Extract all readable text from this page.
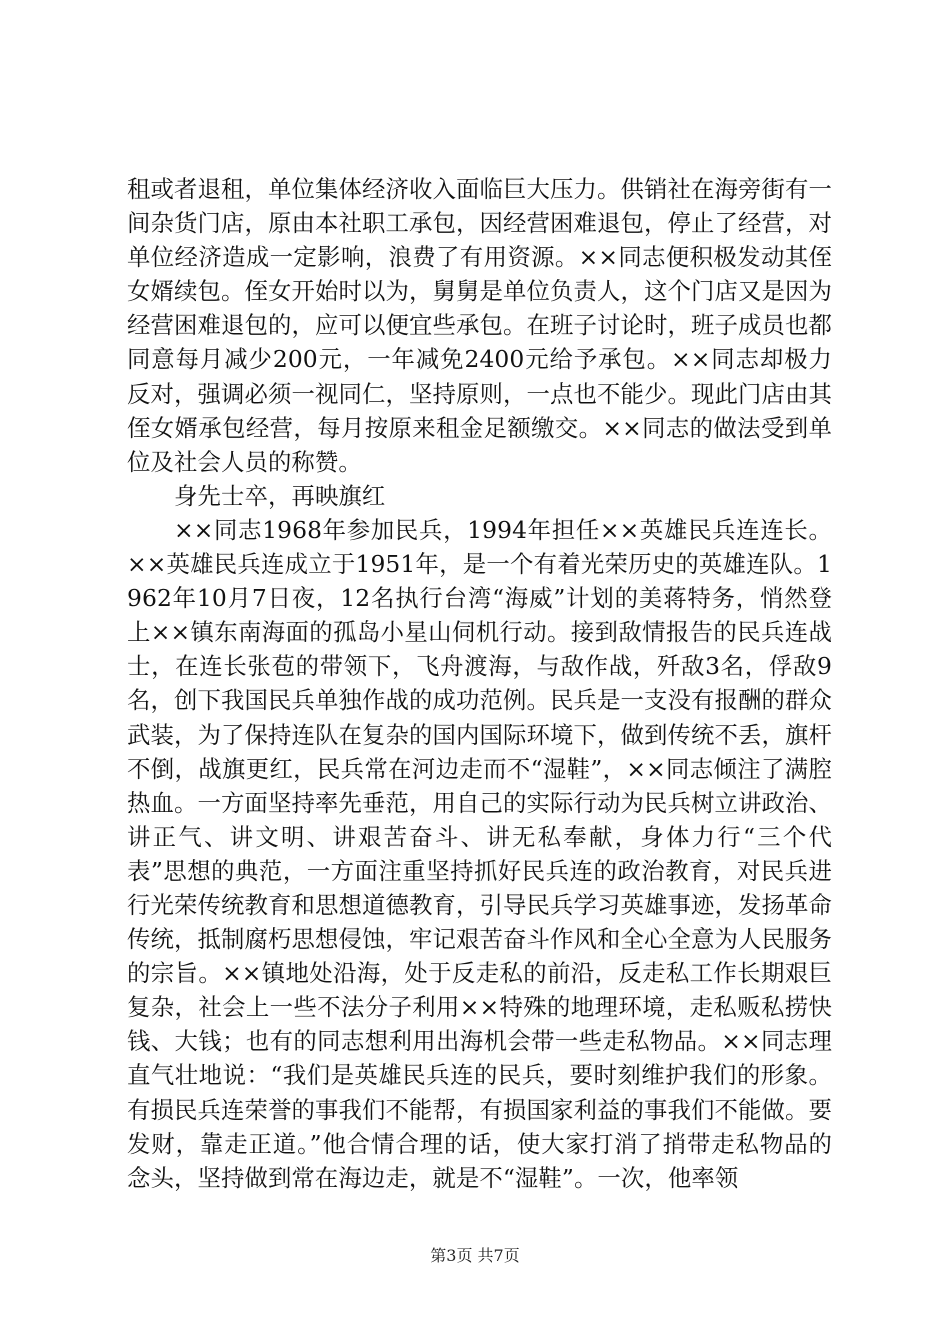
租或者退租，单位集体经济收入面临巨大压力。供销社在海旁街有一间杂货门店，原由本社职工承包，因经营困难退包，停止了经营，对单位经济造成一定影响，浪费了有用资源。××同志便积极发动其侄女婿续包。侄女开始时以为，舅舅是单位负责人，这个门店又是因为经营困难退包的，应可以便宜些承包。在班子讨论时，班子成员也都同意每月减少200元，一年减免2400元给予承包。××同志却极力反对，强调必须一视同仁，坚持原则，一点也不能少。现此门店由其侄女婿承包经营，每月按原来租金足额缴交。××同志的做法受到单位及社会人员的称赞。

身先士卒，再映旗红

××同志1968年参加民兵，1994年担任××英雄民兵连连长。××英雄民兵连成立于1951年，是一个有着光荣历史的英雄连队。1962年10月7日夜，12名执行台湾“海威”计划的美蒋特务，悄然登上××镇东南海面的孤岛小星山伺机行动。接到敌情报告的民兵连战士，在连长张苞的带领下，飞舟渡海，与敌作战，歼敌3名，俘敌9名，创下我国民兵单独作战的成功范例。民兵是一支没有报酬的群众武装，为了保持连队在复杂的国内国际环境下，做到传统不丢，旗杆不倒，战旗更红，民兵常在河边走而不“湿鞋”，××同志倾注了满腔热血。一方面坚持率先垂范，用自己的实际行动为民兵树立讲政治、讲正气、讲文明、讲艰苦奋斗、讲无私奉献，身体力行“三个代表”思想的典范，一方面注重坚持抓好民兵连的政治教育，对民兵进行光荣传统教育和思想道德教育，引导民兵学习英雄事迹，发扬革命传统，抵制腐朽思想侵蚀，牢记艰苦奋斗作风和全心全意为人民服务的宗旨。××镇地处沿海，处于反走私的前沿，反走私工作长期艰巨复杂，社会上一些不法分子利用××特殊的地理环境，走私贩私捞快钱、大钱；也有的同志想利用出海机会带一些走私物品。××同志理直气壮地说：“我们是英雄民兵连的民兵，要时刻维护我们的形象。有损民兵连荣誉的事我们不能帮，有损国家利益的事我们不能做。要发财，靠走正道。”他合情合理的话，使大家打消了捎带走私物品的念头，坚持做到常在海边走，就是不“湿鞋”。一次，他率领

第3页 共7页
